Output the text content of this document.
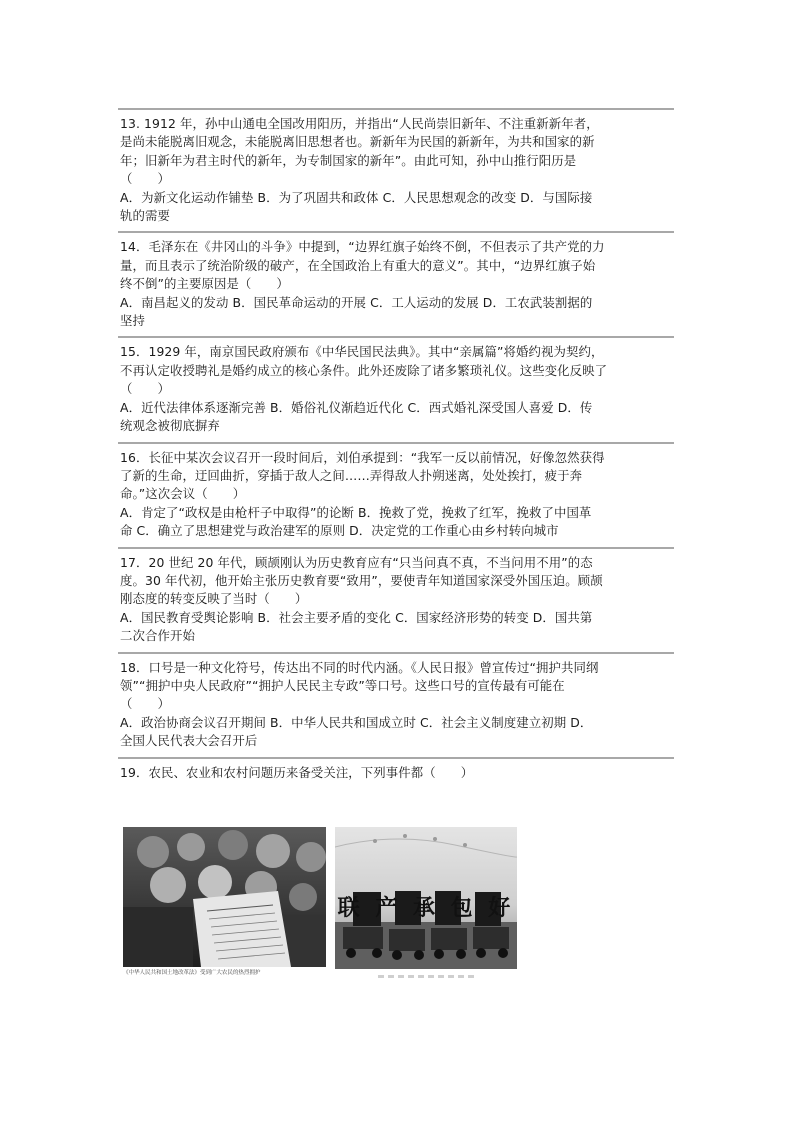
13. 1912 年，孙中山通电全国改用阳历，并指出“人民尚崇旧新年、不注重新新年者，
是尚未能脱离旧观念，未能脱离旧思想者也。新新年为民国的新新年，为共和国家的新
年；旧新年为君主时代的新年，为专制国家的新年”。由此可知，孙中山推行阳历是
（　　）
A．为新文化运动作铺垫 B．为了巩固共和政体 C．人民思想观念的改变 D．与国际接
轨的需要
14．毛泽东在《井冈山的斗争》中提到，“边界红旗子始终不倒，不但表示了共产党的力
量，而且表示了统治阶级的破产，在全国政治上有重大的意义”。其中，“边界红旗子始
终不倒”的主要原因是（　　）
A．南昌起义的发动 B．国民革命运动的开展 C．工人运动的发展 D．工农武装割据的
坚持
15．1929 年，南京国民政府颁布《中华民国民法典》。其中“亲属篇”将婚约视为契约，
不再认定收授聘礼是婚约成立的核心条件。此外还废除了诸多繁琐礼仪。这些变化反映了
（　　）
A．近代法律体系逐渐完善 B．婚俗礼仪渐趋近代化 C．西式婚礼深受国人喜爱 D．传
统观念被彻底摒弃
16．长征中某次会议召开一段时间后，刘伯承提到：“我军一反以前情况，好像忽然获得
了新的生命，迂回曲折，穿插于敌人之间……弄得敌人扑朔迷离，处处挨打，疲于奔
命。”这次会议（　　）
A．肯定了“政权是由枪杆子中取得”的论断 B．挽救了党，挽救了红军，挽救了中国革
命 C．确立了思想建党与政治建军的原则 D．决定党的工作重心由乡村转向城市
17．20 世纪 20 年代，顾颉刚认为历史教育应有“只当问真不真，不当问用不用”的态
度。30 年代初，他开始主张历史教育要“致用”，要使青年知道国家深受外国压迫。顾颉
刚态度的转变反映了当时（　　）
A．国民教育受舆论影响 B．社会主要矛盾的变化 C．国家经济形势的转变 D．国共第
二次合作开始
18．口号是一种文化符号，传达出不同的时代内涵。《人民日报》曾宣传过“拥护共同纲
领”“拥护中央人民政府”“拥护人民民主专政”等口号。这些口号的宣传最有可能在
（　　）
A．政治协商会议召开期间 B．中华人民共和国成立时 C．社会主义制度建立初期 D．
全国人民代表大会召开后
19．农民、农业和农村问题历来备受关注，下列事件都（　　）
《中华人民共和国土地改革法》受到广大农民的热烈拥护
联 产 承 包 好
